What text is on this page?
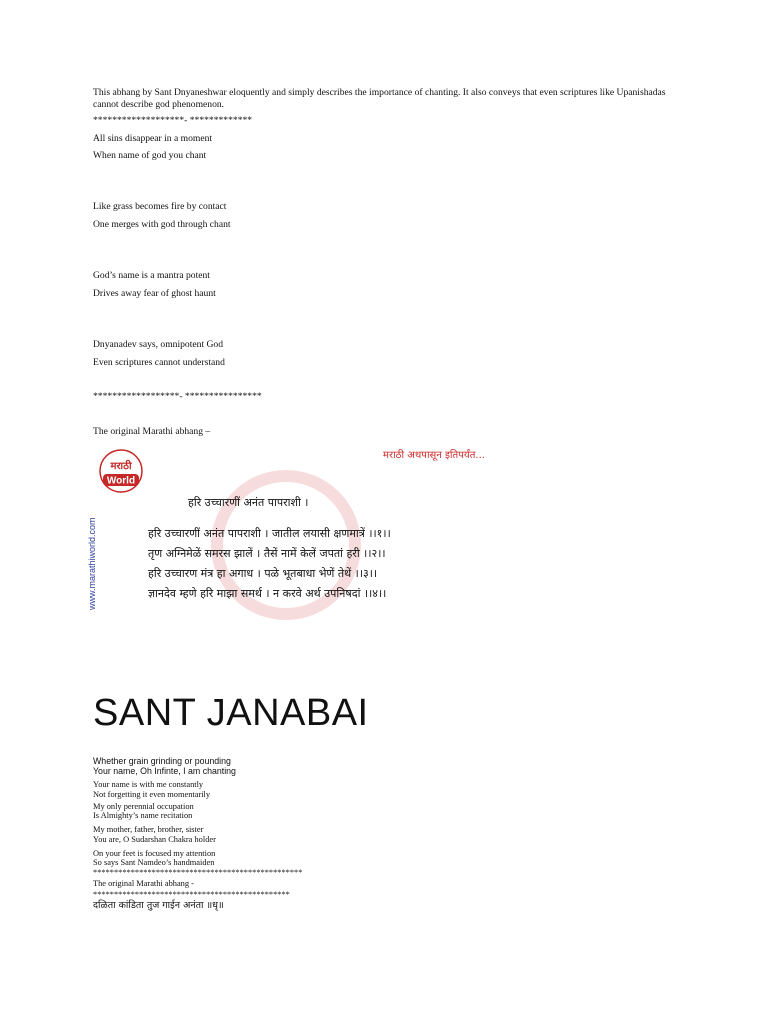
This abhang by Sant Dnyaneshwar eloquently and simply describes the importance of chanting. It also conveys that even scriptures like Upanishadas cannot describe god phenomenon.
*******************- *************
All sins disappear in a moment
When name of god you chant
Like grass becomes fire by contact
One merges with god through chant
God’s name is a mantra potent
Drives away fear of ghost haunt
Dnyanadev says, omnipotent God
Even scriptures cannot understand
******************- ****************
The original Marathi abhang –
मराठी
World
www.marathiworld.com
मराठी अथपासून इतिपर्यंत...
हरि उच्चारणीं अनंत पापराशी ।
हरि उच्चारणीं अनंत पापराशी । जातील लयासी क्षणमात्रें ।।१।।
तृण अग्निमेळें समरस झालें । तैसें नामें केलें जपतां हरी ।।२।।
हरि उच्चारण मंत्र हा अगाध । पळे भूतबाधा भेणें तेथें ।।३।।
ज्ञानदेव म्हणे हरि माझा समर्थ । न करवे अर्थ उपनिषदां ।।४।।
SANT JANABAI
Whether grain grinding or pounding
Your name, Oh Infinte, I am chanting
Your name is with me constantly
Not forgetting it even momentarily
My only perennial occupation
Is Almighty’s name recitation
My mother, father, brother, sister
You are, O Sudarshan Chakra holder
On your feet is focused my attention
So says Sant Namdeo’s handmaiden
**************************************************
The original Marathi abhang -
***********************************************
दळिता कांडिता तुज गाईन अनंता ॥धृ॥
